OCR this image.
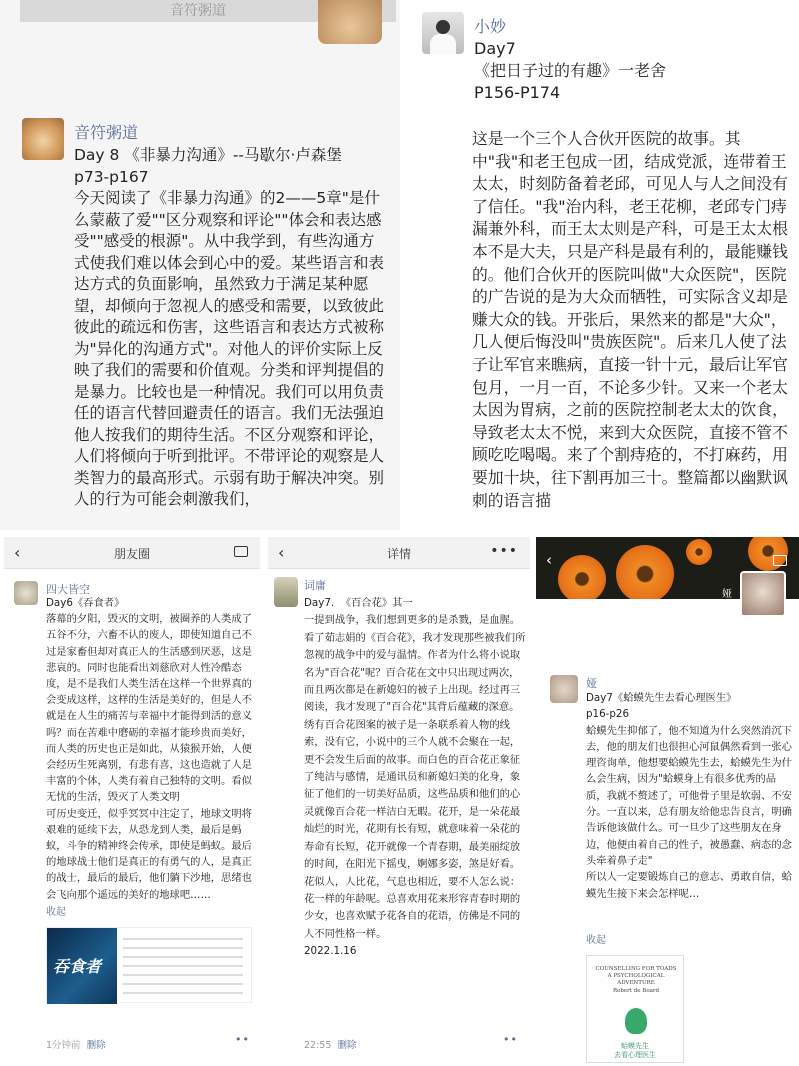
音符粥道
音符粥道
Day 8 《非暴力沟通》--马歇尔·卢森堡
p73-p167
今天阅读了《非暴力沟通》的2——5章"是什么蒙蔽了爱""区分观察和评论""体会和表达感受""感受的根源"。从中我学到，有些沟通方式使我们难以体会到心中的爱。某些语言和表达方式的负面影响，虽然致力于满足某种愿望，却倾向于忽视人的感受和需要，以致彼此彼此的疏远和伤害，这些语言和表达方式被称为"异化的沟通方式"。对他人的评价实际上反映了我们的需要和价值观。分类和评判提倡的是暴力。比较也是一种情况。我们可以用负责任的语言代替回避责任的语言。我们无法强迫他人按我们的期待生活。不区分观察和评论，人们将倾向于听到批评。不带评论的观察是人类智力的最高形式。示弱有助于解决冲突。别人的行为可能会刺激我们，
小妙
Day7
《把日子过的有趣》一老舍
P156-P174
这是一个三个人合伙开医院的故事。其中"我"和老王包成一团，结成党派，连带着王太太，时刻防备着老邱，可见人与人之间没有了信任。"我"治内科，老王花柳，老邱专门痔漏兼外科，而王太太则是产科，可是王太太根本不是大夫，只是产科是最有利的，最能赚钱的。他们合伙开的医院叫做"大众医院"，医院的广告说的是为大众而牺牲，可实际含义却是赚大众的钱。开张后，果然来的都是"大众"，几人便后悔没叫"贵族医院"。后来几人使了法子让军官来瞧病，直接一针十元，最后让军官包月，一月一百，不论多少针。又来一个老太太因为胃病，之前的医院控制老太太的饮食，导致老太太不悦，来到大众医院，直接不管不顾吃吃喝喝。来了个割痔疮的，不打麻药，用要加十块，往下割再加三十。整篇都以幽默讽刺的语言描
‹	朋友圈
四大皆空
Day6《吞食者》
落幕的夕阳，毁灭的文明，被圈养的人类成了五谷不分，六畜不认的废人，即使知道自己不过是家畜但却对真正人的生活感到厌恶，这是悲哀的。同时也能看出刘慈欣对人性冷酷态度，是不是我们人类生活在这样一个世界真的会变成这样，这样的生活是美好的，但是人不就是在人生的痛苦与幸福中才能得到活的意义吗？而在苦难中磨砺的幸福才能珍贵而美好，而人类的历史也正是如此，从猿猴开始，人便会经历生死离别，有悲有喜，这也造就了人是丰富的个体，人类有着自己独特的文明。看似无忧的生活，毁灭了人类文明
可历史变迁，似乎冥冥中注定了，地球文明将艰难的延续下去，从恐龙到人类，最后是蚂蚁，斗争的精神终会传承，即使是蚂蚁。最后的地球战士他们是真正的有勇气的人，是真正的战士，最后的最后，他们躺下沙地，思绪也会飞向那个遥远的美好的地球吧……
收起
吞食者
1分钟前 删除	••
‹	详情	•••
词庸
Day7.  《百合花》其一
一提到战争，我们想到更多的是杀戮，是血腥。看了茹志娟的《百合花》，我才发现那些被我们所忽视的战争中的爱与温情。作者为什么将小说取名为"百合花"呢？百合花在文中只出现过两次，而且两次都是在新媳妇的被子上出现。经过再三阅读，我才发现了"百合花"其背后蕴藏的深意。绣有百合花图案的被子是一条联系着人物的线索，没有它，小说中的三个人就不会聚在一起，更不会发生后面的故事。而白色的百合花正象征了纯洁与感情，是通讯员和新媳妇美的化身，象征了他们的一切美好品质，这些品质和他们的心灵就像百合花一样洁白无暇。花开，是一朵花最灿烂的时光，花期有长有短，就意味着一朵花的寿命有长短，花开就像一个青春期，最美丽绽放的时间，在阳光下摇曳，婀娜多姿，煞是好看。花似人，人比花，气息也相近，要不人怎么说：花一样的年龄呢。总喜欢用花来形容青春时期的少女，也喜欢赋予花各自的花语，仿佛是不同的人不同性格一样。
2022.1.16
22:55 删除	••
‹
娅
娅
Day7《蛤蟆先生去看心理医生》
p16-p26
蛤蟆先生抑郁了，他不知道为什么突然消沉下去，他的朋友们也很担心河鼠偶然看到一张心理咨询单，他想要蛤蟆先生去，蛤蟆先生为什么会生病，因为"蛤蟆身上有很多优秀的品质，我就不赘述了，可他骨子里是软弱、不安分。一直以来，总有朋友给他忠告良言，明确告诉他该做什么。可一旦少了这些朋友在身边，他便由着自己的性子，被愚蠢、病态的念头牵着鼻子走"
所以人一定要锻炼自己的意志、勇敢自信，蛤蟆先生接下来会怎样呢…
收起
COUNSELLING FOR TOADS
A PSYCHOLOGICAL ADVENTURE
Robert de Board
蛤蟆先生
去看心理医生
